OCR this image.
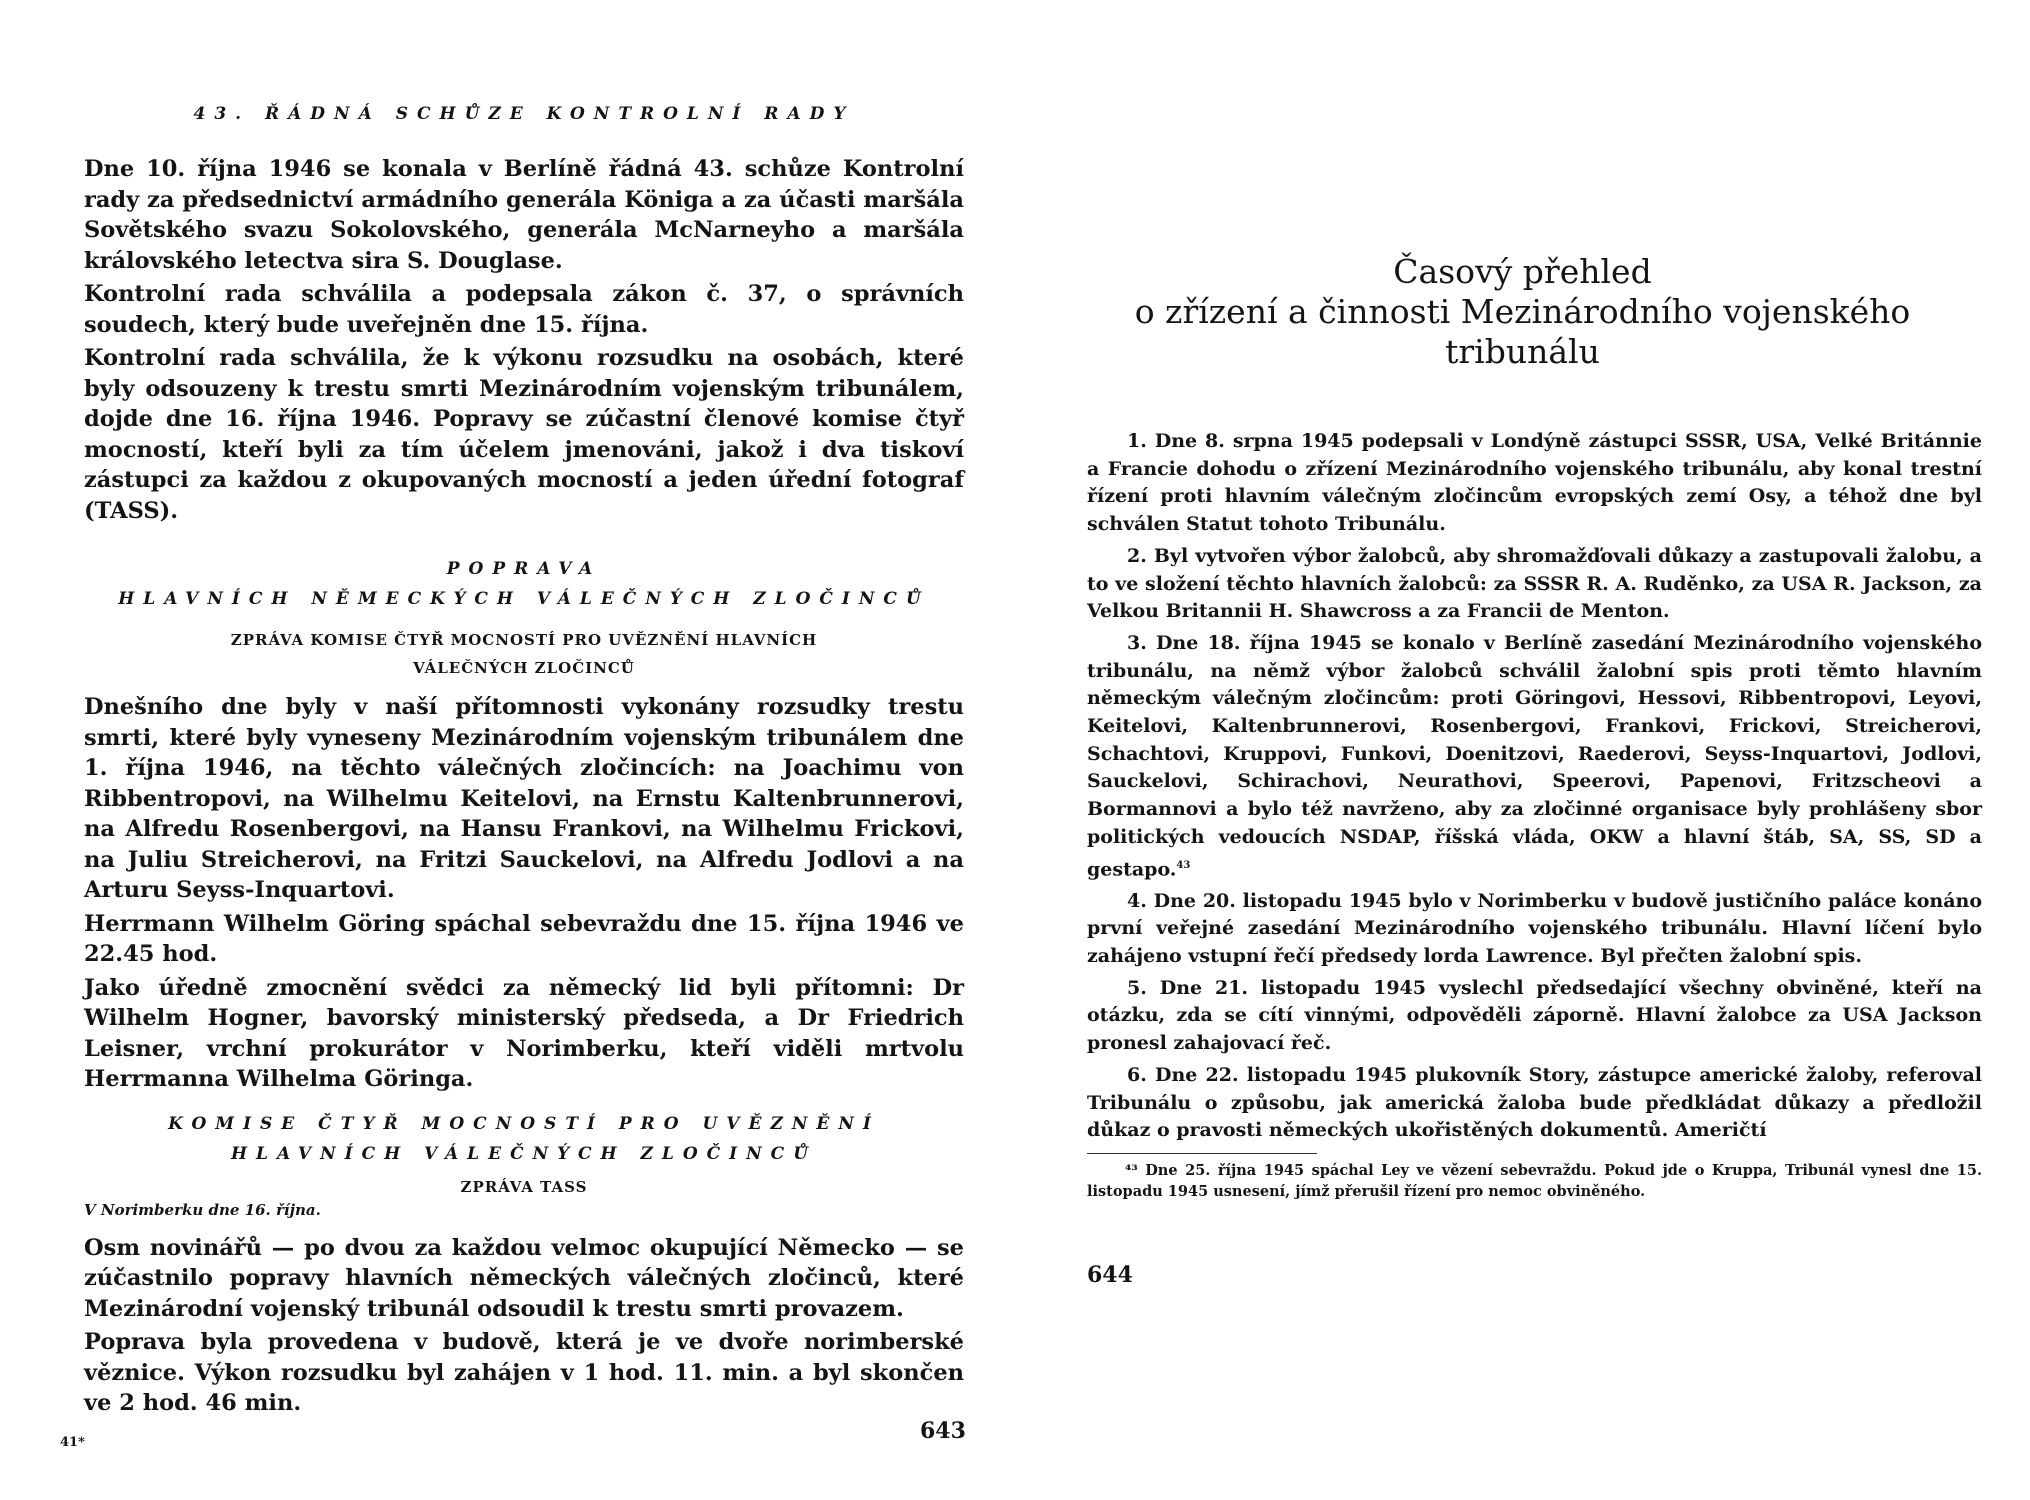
43. ŘÁDNÁ SCHŮZE KONTROLNÍ RADY

Dne 10. října 1946 se konala v Berlíně řádná 43. schůze Kontrolní rady za předsednictví armádního generála Königa a za účasti maršála Sovětského svazu Sokolovského, generála McNarneyho a maršála královského letectva sira S. Douglase.

Kontrolní rada schválila a podepsala zákon č. 37, o správních soudech, který bude uveřejněn dne 15. října.

Kontrolní rada schválila, že k výkonu rozsudku na osobách, které byly odsouzeny k trestu smrti Mezinárodním vojenským tribunálem, dojde dne 16. října 1946. Popravy se zúčastní členové komise čtyř mocností, kteří byli za tím účelem jmenováni, jakož i dva tiskoví zástupci za každou z okupovaných mocností a jeden úřední fotograf (TASS).

POPRAVA
HLAVNÍCH NĚMECKÝCH VÁLEČNÝCH ZLOČINCŮ
ZPRÁVA KOMISE ČTYŘ MOCNOSTÍ PRO UVĚZNĚNÍ HLAVNÍCH VÁLEČNÝCH ZLOČINCŮ

Dnešního dne byly v naší přítomnosti vykonány rozsudky trestu smrti, které byly vyneseny Mezinárodním vojenským tribunálem dne 1. října 1946, na těchto válečných zločincích: na Joachimu von Ribbentropovi, na Wilhelmu Keitelovi, na Ernstu Kaltenbrunnerovi, na Alfredu Rosenbergovi, na Hansu Frankovi, na Wilhelmu Frickovi, na Juliu Streicherovi, na Fritzi Sauckelovi, na Alfredu Jodlovi a na Arturu Seyss-Inquartovi.

Herrmann Wilhelm Göring spáchal sebevraždu dne 15. října 1946 ve 22.45 hod.

Jako úředně zmocnění svědci za německý lid byli přítomni: Dr Wilhelm Hogner, bavorský ministerský předseda, a Dr Friedrich Leisner, vrchní prokurátor v Norimberku, kteří viděli mrtvolu Herrmanna Wilhelma Göringa.

KOMISE ČTYŘ MOCNOSTÍ PRO UVĚZNĚNÍ HLAVNÍCH VÁLEČNÝCH ZLOČINCŮ
ZPRÁVA TASS
V Norimberku dne 16. října.

Osm novinářů — po dvou za každou velmoc okupující Německo — se zúčastnilo popravy hlavních německých válečných zločinců, které Mezinárodní vojenský tribunál odsoudil k trestu smrti provazem.

Poprava byla provedena v budově, která je ve dvoře norimberské věznice. Výkon rozsudku byl zahájen v 1 hod. 11. min. a byl skončen ve 2 hod. 46 min.

41*	643
Časový přehled
o zřízení a činnosti Mezinárodního vojenského
tribunálu

1. Dne 8. srpna 1945 podepsali v Londýně zástupci SSSR, USA, Velké Británnie a Francie dohodu o zřízení Mezinárodního vojenského tribunálu, aby konal trestní řízení proti hlavním válečným zločincům evropských zemí Osy, a téhož dne byl schválen Statut tohoto Tribunálu.

2. Byl vytvořen výbor žalobců, aby shromažďovali důkazy a zastupovali žalobu, a to ve složení těchto hlavních žalobců: za SSSR R. A. Ruděnko, za USA R. Jackson, za Velkou Britannii H. Shawcross a za Francii de Menton.

3. Dne 18. října 1945 se konalo v Berlíně zasedání Mezinárodního vojenského tribunálu, na němž výbor žalobců schválil žalobní spis proti těmto hlavním německým válečným zločincům: proti Göringovi, Hessovi, Ribbentropovi, Leyovi, Keitelovi, Kaltenbrunnerovi, Rosenbergovi, Frankovi, Frickovi, Streicherovi, Schachtovi, Kruppovi, Funkovi, Doenitzovi, Raederovi, Seyss-Inquartovi, Jodlovi, Sauckelovi, Schirachovi, Neurathovi, Speerovi, Papenovi, Fritzscheovi a Bormannovi a bylo též navrženo, aby za zločinné organisace byly prohlášeny sbor politických vedoucích NSDAP, říšská vláda, OKW a hlavní štáb, SA, SS, SD a gestapo.$^{43}$

4. Dne 20. listopadu 1945 bylo v Norimberku v budově justičního paláce konáno první veřejné zasedání Mezinárodního vojenského tribunálu. Hlavní líčení bylo zahájeno vstupní řečí předsedy lorda Lawrence. Byl přečten žalobní spis.

5. Dne 21. listopadu 1945 vyslechl předsedající všechny obviněné, kteří na otázku, zda se cítí vinnými, odpověděli záporně. Hlavní žalobce za USA Jackson pronesl zahajovací řeč.

6. Dne 22. listopadu 1945 plukovník Story, zástupce americké žaloby, referoval Tribunálu o způsobu, jak americká žaloba bude předkládat důkazy a předložil důkaz o pravosti německých ukořistěných dokumentů. Američtí

⁴³ Dne 25. října 1945 spáchal Ley ve vězení sebevraždu. Pokud jde o Kruppa, Tribunál vynesl dne 15. listopadu 1945 usnesení, jímž přerušil řízení pro nemoc obviněného.

644
